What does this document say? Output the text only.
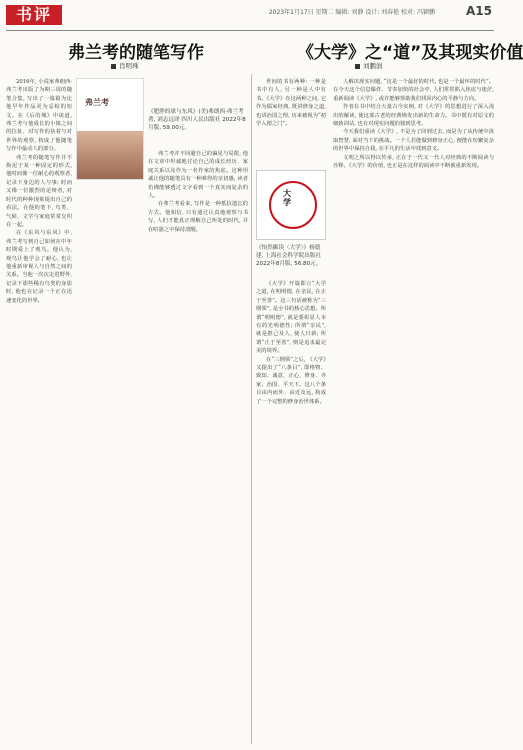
书评	2023年1月17日 星期二 编辑: 刘静 设计: 刘春艳 校对: 冯颖鹏	A15
弗兰考的随笔写作
肖明珠
《大学》之“道”及其现实价值
刘鹏润

2016年, 小说家弗朗西·弗兰考出版了为期三周的随笔合集, 写出了一篇篇为比他早年作品更为妥帖的短文。在《后的城》中谈道, 弗兰考与他成长的小镇之间的拉扯、对写作的执着与对世界的观察, 构成了他随笔写作中最动人的部分。

弗兰考的随笔写作并不拘泥于某一种固定的形式, 他时而像一位耐心的观察者, 记录下身边的人与事; 时而又像一位激烈的论辩者, 对时代的种种现象提出自己的看法。在他的笔下, 鸟类、气候、文学与家庭常常交织在一起。

在《东风与东风》中, 弗兰考写到自己如何在中年时期爱上了观鸟。他认为, 观鸟让他学会了耐心, 也让他重新审视人与自然之间的关系。当他一次次走进野外, 记录下那些稀有鸟类的身影时, 他也在记录一个正在迅速变化的世界。

弗兰考
《肥胖的球与东风》(美)弗朗西·弗兰考著, 刘志远译 四川人民出版社 2022年8月版, 59.00元。

弗兰考并不回避自己的偏见与局限, 他在文章中坦诚地讨论自己的成长经历、家庭关系以及作为一名作家的焦虑。这种坦诚让他的随笔具有一种难得的亲切感, 读者仿佛能够透过文字看到一个真实而复杂的人。

在弗兰考看来, 写作是一种抵抗遗忘的方式。他相信, 只有通过认真地观察与书写, 人们才能真正理解自己所处的时代, 并在喧嚣之中保持清醒。

世间的书有两种: 一种是书中有人, 另一种是人中有书。《大学》在这两种之间, 它作为儒家经典, 既讲修身之道, 也讲治国之理, 历来被视为“初学入德之门”。

大学
《怡然颐读〈大学〉》杨德建, 上海社会科学院出版社2022年8月版, 56.80元。

《大学》开篇即言“大学之道, 在明明德, 在亲民, 在止于至善”。这三句话被称为“三纲领”, 是全书的核心思想。所谓“明明德”, 就是要彰显人本有的光明德性; 所谓“亲民”, 就是推己及人, 使人日新; 所谓“止于至善”, 则是追求最完美的境界。

在“三纲领”之后, 《大学》又提出了“八条目”, 即格物、致知、诚意、正心、修身、齐家、治国、平天下。这八个条目由内而外、由近及远, 构成了一个完整的修身治世体系。

人解决现实问题, “这是一个最好的时代, 也是一个最坏的时代”。在今天这个信息爆炸、节奏加快的社会中, 人们常常陷入焦虑与迷茫, 重新阅读《大学》, 或许能够帮助我们找回内心的平静与方向。

作者在书中结合大量古今实例, 对《大学》的思想进行了深入浅出的解读, 使这部古老的经典焕发出新的生命力。书中既有对原文的细致训诂, 也有对现实问题的独到思考。

今天我们重读《大学》, 不是为了回到过去, 而是为了从传统中汲取智慧, 面对当下的挑战。一个人若能做到修身正心, 便能在纷繁复杂的世界中保持自我, 在平凡的生活中找到意义。

文明之所以得以传承, 正在于一代又一代人对经典的不断阅读与诠释。《大学》的价值, 也正是在这样的阅读中不断被重新发现。
